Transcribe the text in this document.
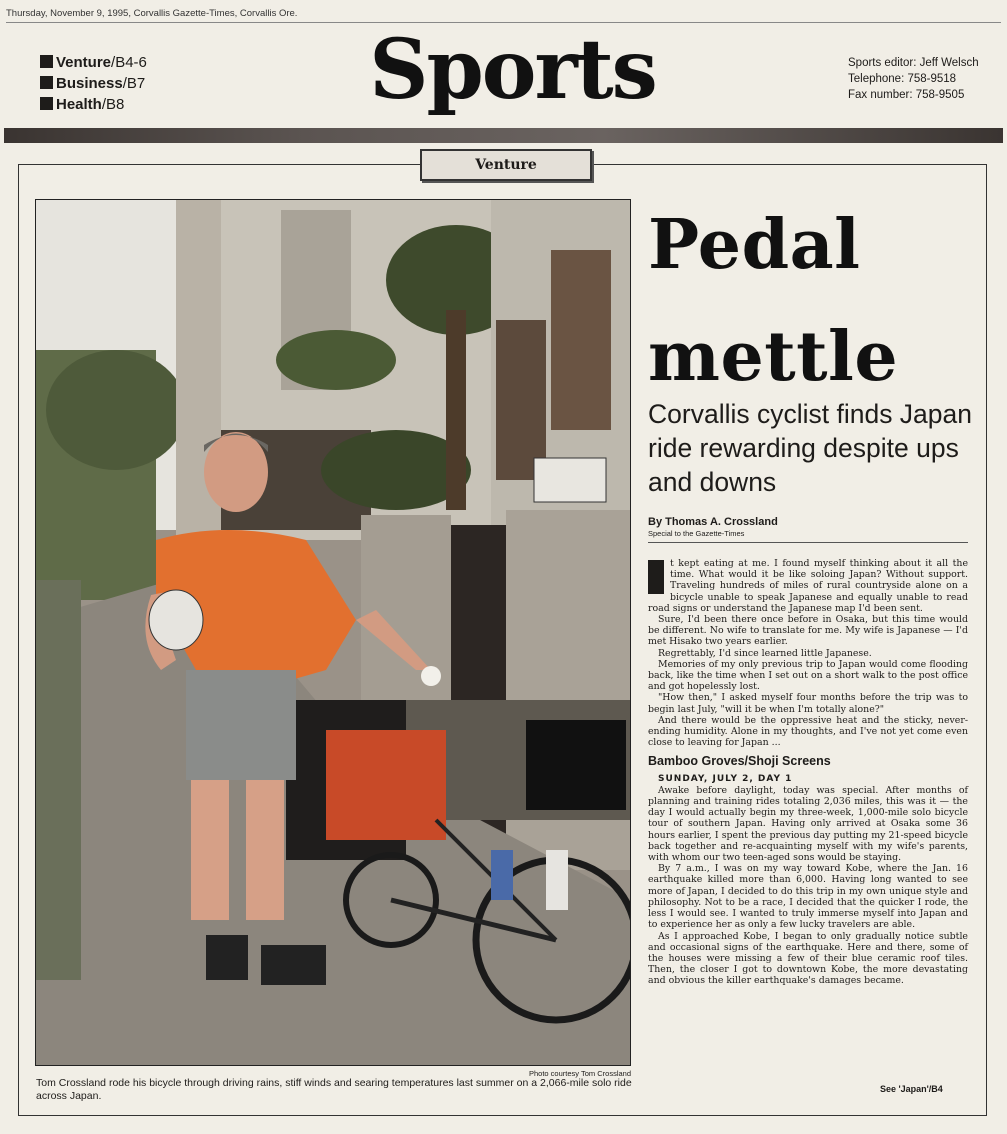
Thursday, November 9, 1995, Corvallis Gazette-Times, Corvallis Ore.
Venture/B4-6
Business/B7
Health/B8	Sports	Sports editor: Jeff Welsch
Telephone: 758-9518
Fax number: 758-9505
Venture
Photo courtesy Tom Crossland
Tom Crossland rode his bicycle through driving rains, stiff winds and searing temperatures last summer on a 2,066-mile solo ride across Japan.
Pedal
mettle
Corvallis cyclist finds Japan ride rewarding despite ups and downs
By Thomas A. Crossland
Special to the Gazette-Times

t kept eating at me. I found myself thinking about it all the time. What would it be like soloing Japan? Without support. Traveling hundreds of miles of rural countryside alone on a bicycle unable to speak Japanese and equally unable to read road signs or understand the Japanese map I'd been sent.

Sure, I'd been there once before in Osaka, but this time would be different. No wife to translate for me. My wife is Japanese — I'd met Hisako two years earlier.

Regrettably, I'd since learned little Japanese.

Memories of my only previous trip to Japan would come flooding back, like the time when I set out on a short walk to the post office and got hopelessly lost.

"How then," I asked myself four months before the trip was to begin last July, "will it be when I'm totally alone?"

And there would be the oppressive heat and the sticky, never-ending humidity. Alone in my thoughts, and I've not yet come even close to leaving for Japan ...

Bamboo Groves/Shoji Screens

SUNDAY, JULY 2, DAY 1

Awake before daylight, today was special. After months of planning and training rides totaling 2,036 miles, this was it — the day I would actually begin my three-week, 1,000-mile solo bicycle tour of southern Japan. Having only arrived at Osaka some 36 hours earlier, I spent the previous day putting my 21-speed bicycle back together and re-acquainting myself with my wife's parents, with whom our two teen-aged sons would be staying.

By 7 a.m., I was on my way toward Kobe, where the Jan. 16 earthquake killed more than 6,000. Having long wanted to see more of Japan, I decided to do this trip in my own unique style and philosophy. Not to be a race, I decided that the quicker I rode, the less I would see. I wanted to truly immerse myself into Japan and to experience her as only a few lucky travelers are able.

As I approached Kobe, I began to only gradually notice subtle and occasional signs of the earthquake. Here and there, some of the houses were missing a few of their blue ceramic roof tiles. Then, the closer I got to downtown Kobe, the more devastating and obvious the killer earthquake's damages became.

See 'Japan'/B4
